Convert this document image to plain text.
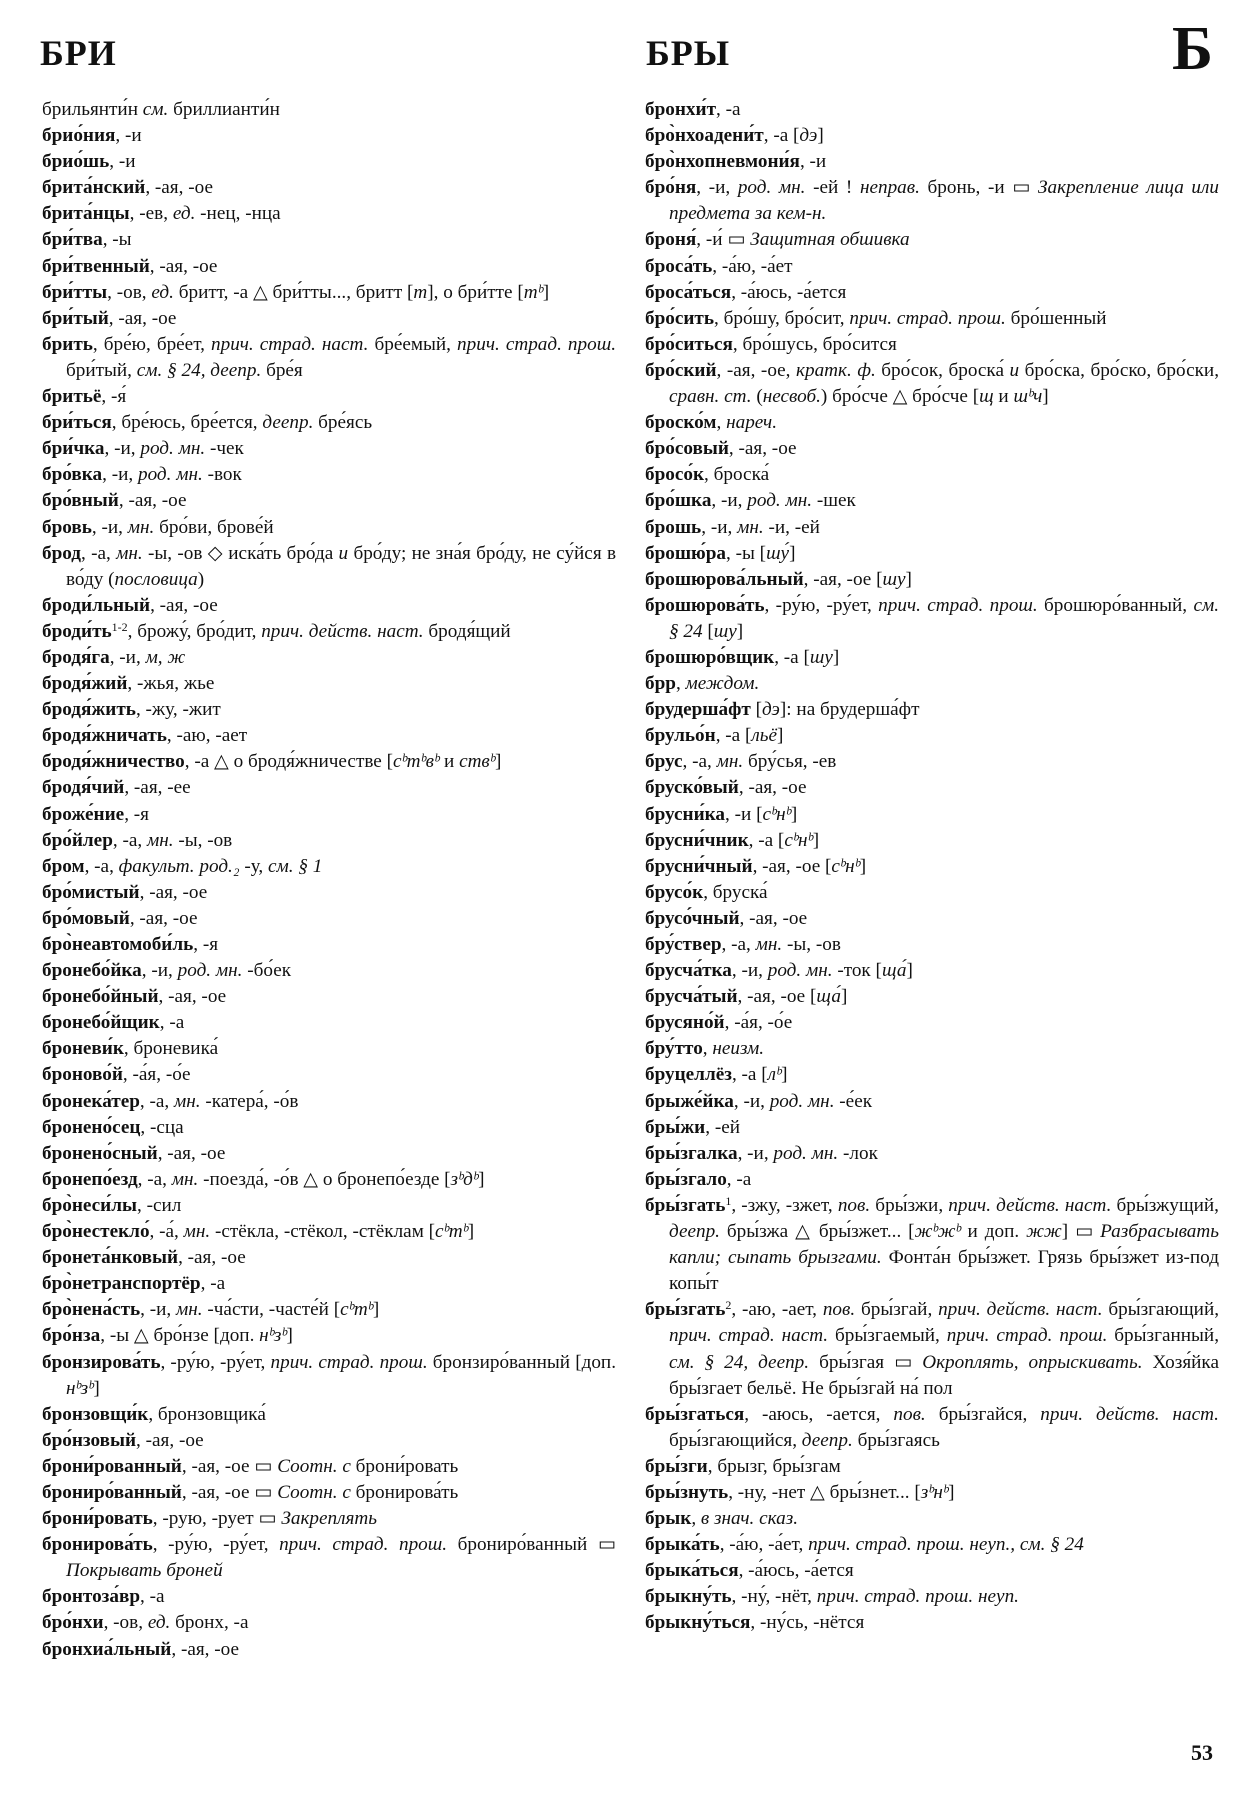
БРИ	БРЫ	Б
брильянти́н см. бриллианти́н
брио́ния, -и
брио́шь, -и
брита́нский, -ая, -ое
брита́нцы, -ев, ед. -нец, -нца
бри́тва, -ы
бри́твенный, -ая, -ое
бри́тты, -ов, ед. бритт, -а △ бри́тты..., бритт [т], о бри́тте [тᵇ]
бри́тый, -ая, -ое
брить, бре́ю, бре́ет, прич. страд. наст. бре́емый, прич. страд. прош. бри́тый, см. § 24, деепр. бре́я
бритьё, -я́
бри́ться, бре́юсь, бре́ется, деепр. бре́ясь
бри́чка, -и, род. мн. -чек
бро́вка, -и, род. мн. -вок
бро́вный, -ая, -ое
бровь, -и, мн. бро́ви, брове́й
брод, -а, мн. -ы, -ов ◇ иска́ть бро́да и бро́ду; не зна́я бро́ду, не су́йся в во́ду (пословица)
броди́льный, -ая, -ое
$броди́ть^{1-2}$, брожу́, бро́дит, прич. действ. наст. бродя́щий
бродя́га, -и, м, ж
бродя́жий, -жья, жье
бродя́жить, -жу, -жит
бродя́жничать, -аю, -ает
бродя́жничество, -а △ о бродя́жничестве [cᵇmᵇвᵇ и ствᵇ]
бродя́чий, -ая, -ее
броже́ние, -я
бро́йлер, -а, мн. -ы, -ов
бром, -а, факульт. род.₂ -у, см. § 1
бро́мистый, -ая, -ое
бро́мовый, -ая, -ое
бро̀неавтомоби́ль, -я
бронебо́йка, -и, род. мн. -бо́ек
бронебо́йный, -ая, -ое
бронебо́йщик, -а
броневи́к, броневика́
броново́й, -а́я, -о́е
бронека́тер, -а, мн. -катера́, -о́в
бронено́сец, -сца
бронено́сный, -ая, -ое
бронепо́езд, -а, мн. -поезда́, -о́в △ о бронепо́езде [зᵇдᵇ]
бро̀неси́лы, -сил
бро̀нестекло́, -а́, мн. -стёкла, -стёкол, -стёклам [cᵇmᵇ]
бронета́нковый, -ая, -ое
бро̀нетранспортёр, -а
бро̀нена́сть, -и, мн. -ча́сти, -часте́й [cᵇmᵇ]
бро́нза, -ы △ бро́нзе [доп. нᵇзᵇ]
бронзирова́ть, -ру́ю, -ру́ет, прич. страд. прош. бронзиро́ванный [доп. нᵇзᵇ]
бронзовщи́к, бронзовщика́
бро́нзовый, -ая, -ое
брони́рованный, -ая, -ое ▭ Соотн. с брони́ровать
брониро́ванный, -ая, -ое ▭ Соотн. с бронирова́ть
брони́ровать, -рую, -рует ▭ Закреплять
бронирова́ть, -ру́ю, -ру́ет, прич. страд. прош. брониро́ванный ▭ Покрывать броней
бронтоза́вр, -а
бро́нхи, -ов, ед. бронх, -а
бронхиа́льный, -ая, -ое
бронхи́т, -а
бро̀нхоадени́т, -а [дэ]
бро̀нхопневмони́я, -и
бро́ня, -и, род. мн. -ей ! неправ. бронь, -и ▭ Закрепление лица или предмета за кем-н.
броня́, -и́ ▭ Защитная обшивка
броса́ть, -а́ю, -а́ет
броса́ться, -а́юсь, -а́ется
бро́сить, бро́шу, бро́сит, прич. страд. прош. бро́шенный
бро́ситься, бро́шусь, бро́сится
бро́ский, -ая, -ое, кратк. ф. бро́сок, броска́ и бро́ска, бро́ско, бро́ски, сравн. ст. (несвоб.) бро́сче △ бро́сче [щ и шᵇч]
броско́м, нареч.
бро́совый, -ая, -ое
бросо́к, броска́
бро́шка, -и, род. мн. -шек
брошь, -и, мн. -и, -ей
брошю́ра, -ы [шу́]
брошюрова́льный, -ая, -ое [шу]
брошюрова́ть, -ру́ю, -ру́ет, прич. страд. прош. брошюро́ванный, см. § 24 [шу]
брошюро́вщик, -а [шу]
брр, междом.
брудерша́фт [дэ]: на брудерша́фт
брульо́н, -а [льё]
брус, -а, мн. бру́сья, -ев
бруско́вый, -ая, -ое
брусни́ка, -и [сᵇнᵇ]
брусни́чник, -а [сᵇнᵇ]
брусни́чный, -ая, -ое [сᵇнᵇ]
брусо́к, бруска́
брусо́чный, -ая, -ое
бру́ствер, -а, мн. -ы, -ов
брусча́тка, -и, род. мн. -ток [ща́]
брусча́тый, -ая, -ое [ща́]
брусяно́й, -а́я, -о́е
бру́тто, неизм.
бруцеллёз, -а [лᵇ]
брыже́йка, -и, род. мн. -е́ек
бры́жи, -ей
бры́згалка, -и, род. мн. -лок
бры́згало, -а
бры́згать$^1$, -зжу, -зжет, пов. бры́зжи, прич. действ. наст. бры́зжущий, деепр. бры́зжа △ бры́зжет... [жᵇжᵇ и доп. жж] ▭ Разбрасывать капли; сыпать брызгами. Фонта́н бры́зжет. Грязь бры́зжет из-под копы́т
бры́згать$^2$, -аю, -ает, пов. бры́згай, прич. действ. наст. бры́згающий, прич. страд. наст. бры́згаемый, прич. страд. прош. бры́зганный, см. § 24, деепр. бры́згая ▭ Окроплять, опрыскивать. Хозя́йка бры́згает бельё. Не бры́згай на́ пол
бры́згаться, -аюсь, -ается, пов. бры́згайся, прич. действ. наст. бры́згающийся, деепр. бры́згаясь
бры́зги, брызг, бры́згам
бры́знуть, -ну, -нет △ бры́знет... [зᵇнᵇ]
брык, в знач. сказ.
брыка́ть, -а́ю, -а́ет, прич. страд. прош. неуп., см. § 24
брыка́ться, -а́юсь, -а́ется
брыкну́ть, -ну́, -нёт, прич. страд. прош. неуп.
брыкну́ться, -ну́сь, -нётся
53
